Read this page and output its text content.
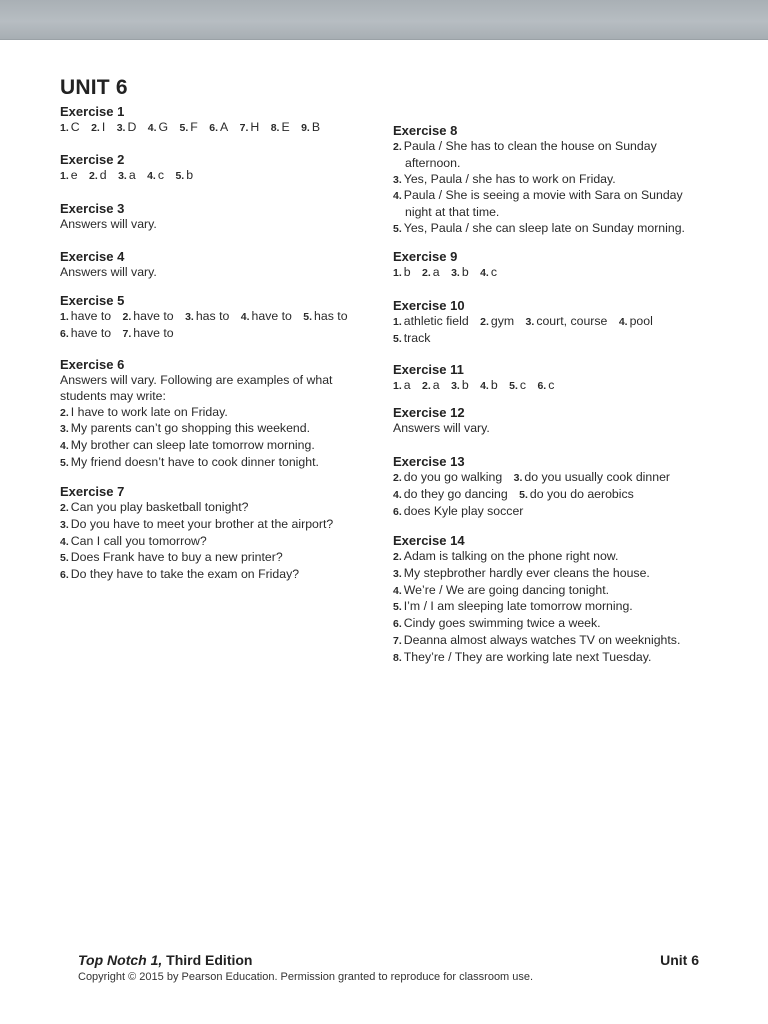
UNIT 6
Exercise 1
1. C 2. I 3. D 4. G 5. F 6. A 7. H 8. E 9. B
Exercise 2
1. e 2. d 3. a 4. c 5. b
Exercise 3
Answers will vary.
Exercise 4
Answers will vary.
Exercise 5
1. have to 2. have to 3. has to 4. have to 5. has to
6. have to 7. have to
Exercise 6
Answers will vary. Following are examples of what
students may write:
2. I have to work late on Friday.
3. My parents can’t go shopping this weekend.
4. My brother can sleep late tomorrow morning.
5. My friend doesn’t have to cook dinner tonight.
Exercise 7
2. Can you play basketball tonight?
3. Do you have to meet your brother at the airport?
4. Can I call you tomorrow?
5. Does Frank have to buy a new printer?
6. Do they have to take the exam on Friday?
Exercise 8
2. Paula / She has to clean the house on Sunday
afternoon.
3. Yes, Paula / she has to work on Friday.
4. Paula / She is seeing a movie with Sara on Sunday
night at that time.
5. Yes, Paula / she can sleep late on Sunday morning.
Exercise 9
1. b 2. a 3. b 4. c
Exercise 10
1. athletic field 2. gym 3. court, course 4. pool
5. track
Exercise 11
1. a 2. a 3. b 4. b 5. c 6. c
Exercise 12
Answers will vary.
Exercise 13
2. do you go walking 3. do you usually cook dinner
4. do they go dancing 5. do you do aerobics
6. does Kyle play soccer
Exercise 14
2. Adam is talking on the phone right now.
3. My stepbrother hardly ever cleans the house.
4. We’re / We are going dancing tonight.
5. I’m / I am sleeping late tomorrow morning.
6. Cindy goes swimming twice a week.
7. Deanna almost always watches TV on weeknights.
8. They’re / They are working late next Tuesday.
Top Notch 1, Third Edition	Unit 6
Copyright © 2015 by Pearson Education. Permission granted to reproduce for classroom use.
